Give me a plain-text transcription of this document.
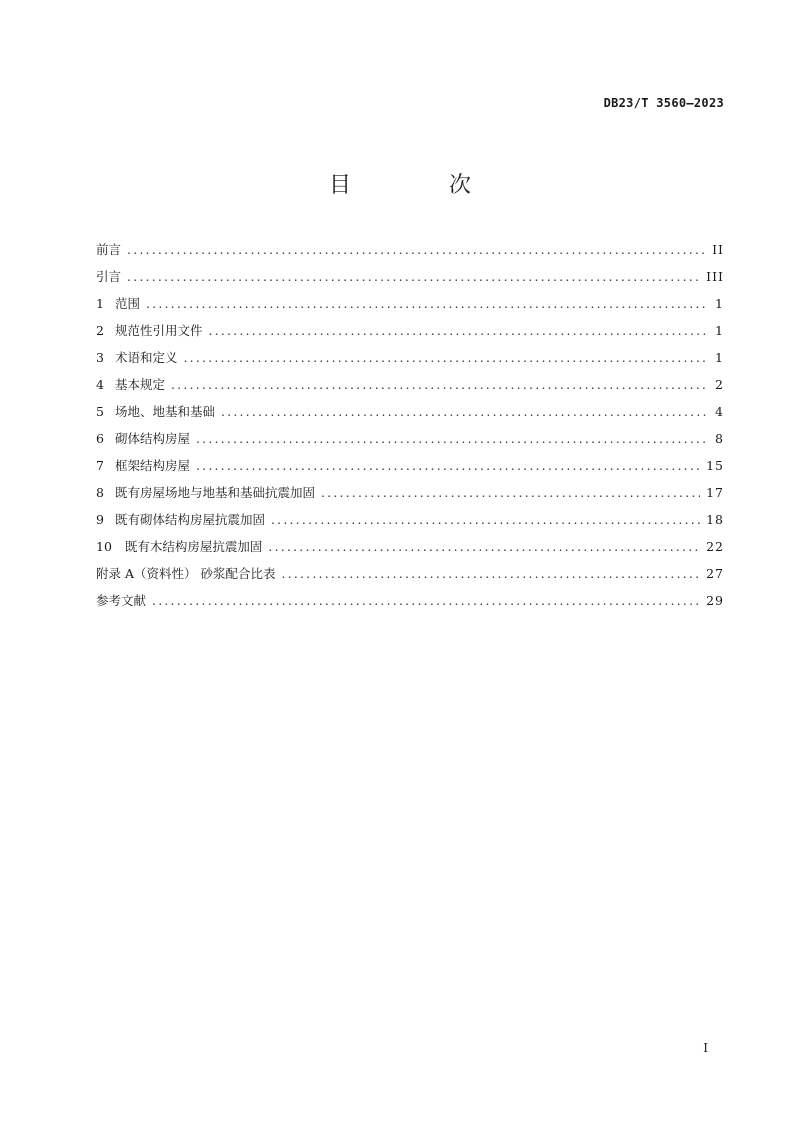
DB23/T 3560—2023
目　次
前言 .....	II
引言 .....	III
1 范围 .....	1
2 规范性引用文件 .....	1
3 术语和定义 .....	1
4 基本规定 .....	2
5 场地、地基和基础 .....	4
6 砌体结构房屋 .....	8
7 框架结构房屋 .....	15
8 既有房屋场地与地基和基础抗震加固 .....	17
9 既有砌体结构房屋抗震加固 .....	18
10 既有木结构房屋抗震加固 .....	22
附录 A（资料性） 砂浆配合比表 .....	27
参考文献 .....	29
I
